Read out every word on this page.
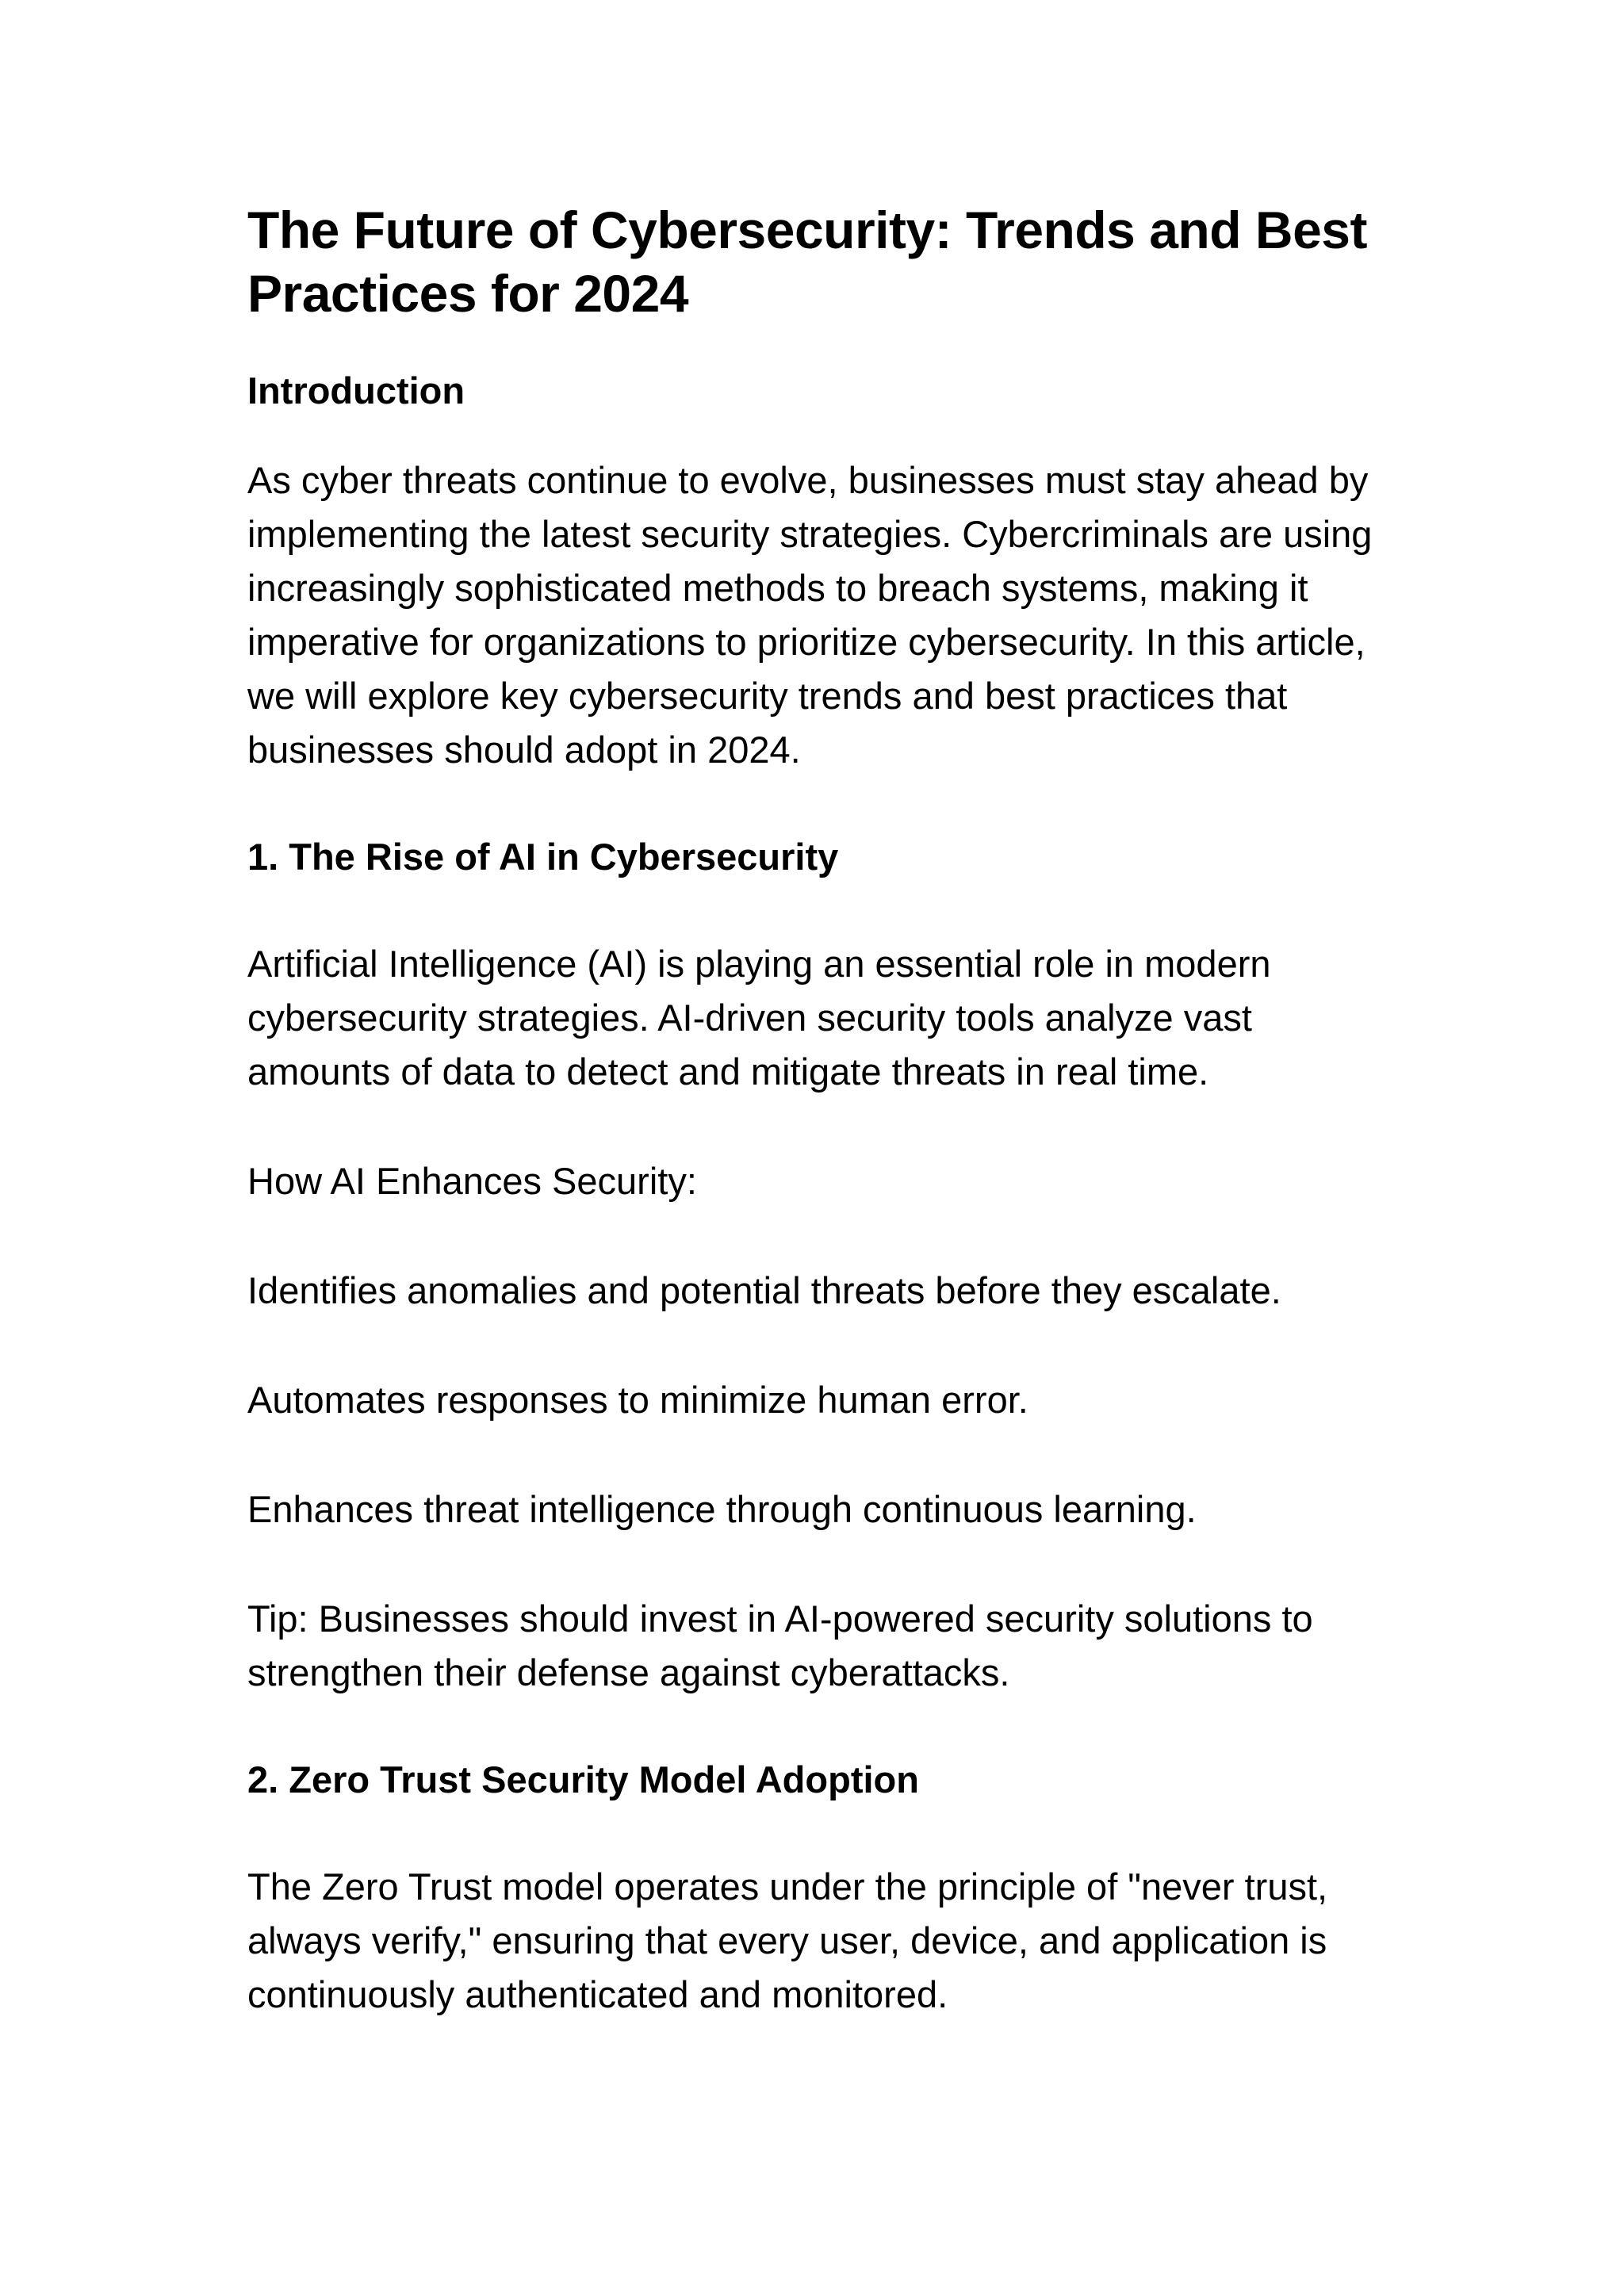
The Future of Cybersecurity: Trends and Best Practices for 2024
Introduction

As cyber threats continue to evolve, businesses must stay ahead by implementing the latest security strategies. Cybercriminals are using increasingly sophisticated methods to breach systems, making it imperative for organizations to prioritize cybersecurity. In this article, we will explore key cybersecurity trends and best practices that businesses should adopt in 2024.

1. The Rise of AI in Cybersecurity

Artificial Intelligence (AI) is playing an essential role in modern cybersecurity strategies. AI-driven security tools analyze vast amounts of data to detect and mitigate threats in real time.

How AI Enhances Security:

Identifies anomalies and potential threats before they escalate.

Automates responses to minimize human error.

Enhances threat intelligence through continuous learning.

Tip: Businesses should invest in AI-powered security solutions to strengthen their defense against cyberattacks.

2. Zero Trust Security Model Adoption

The Zero Trust model operates under the principle of "never trust, always verify," ensuring that every user, device, and application is continuously authenticated and monitored.
